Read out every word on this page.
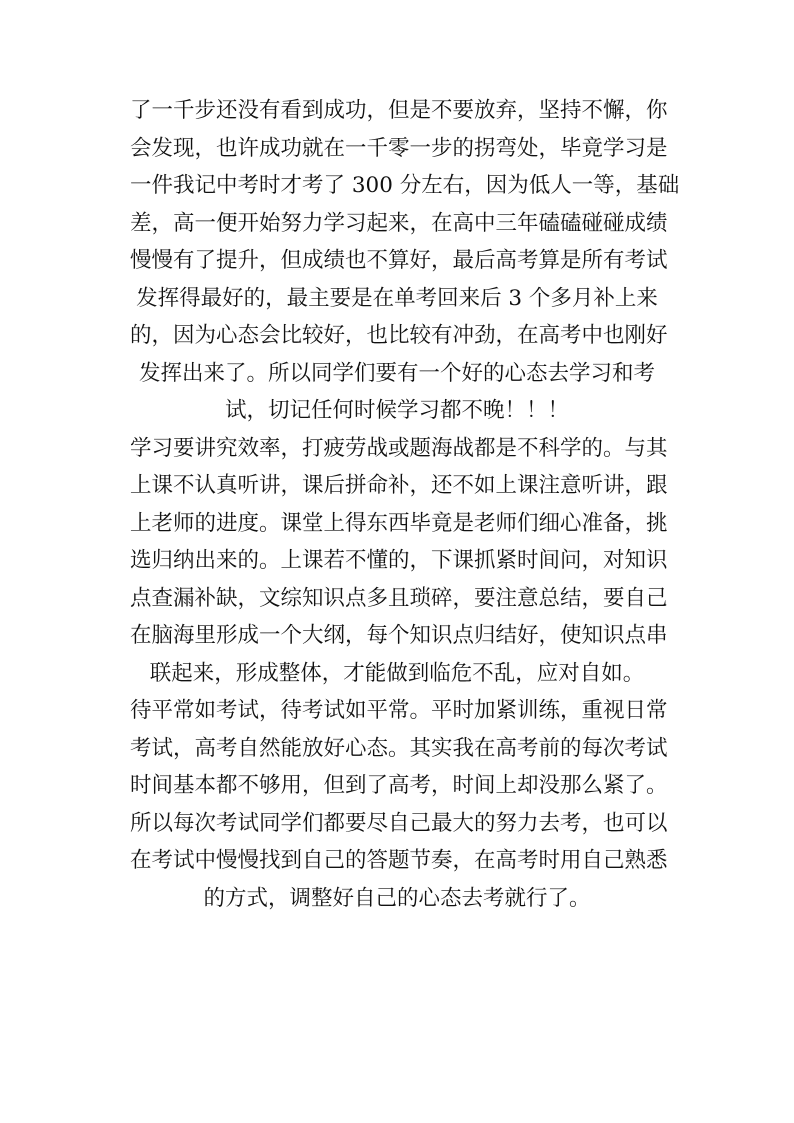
了一千步还没有看到成功，但是不要放弃，坚持不懈，你
会发现，也许成功就在一千零一步的拐弯处，毕竟学习是
一件我记中考时才考了 300 分左右，因为低人一等，基础
差，高一便开始努力学习起来，在高中三年磕磕碰碰成绩
慢慢有了提升，但成绩也不算好，最后高考算是所有考试
发挥得最好的，最主要是在单考回来后 3 个多月补上来
的，因为心态会比较好，也比较有冲劲，在高考中也刚好
发挥出来了。所以同学们要有一个好的心态去学习和考
试，切记任何时候学习都不晚！！！
学习要讲究效率，打疲劳战或题海战都是不科学的。与其
上课不认真听讲，课后拼命补，还不如上课注意听讲，跟
上老师的进度。课堂上得东西毕竟是老师们细心准备，挑
选归纳出来的。上课若不懂的，下课抓紧时间问，对知识
点查漏补缺，文综知识点多且琐碎，要注意总结，要自己
在脑海里形成一个大纲，每个知识点归结好，使知识点串
联起来，形成整体，才能做到临危不乱，应对自如。
待平常如考试，待考试如平常。平时加紧训练，重视日常
考试，高考自然能放好心态。其实我在高考前的每次考试
时间基本都不够用，但到了高考，时间上却没那么紧了。
所以每次考试同学们都要尽自己最大的努力去考，也可以
在考试中慢慢找到自己的答题节奏，在高考时用自己熟悉
的方式，调整好自己的心态去考就行了。
